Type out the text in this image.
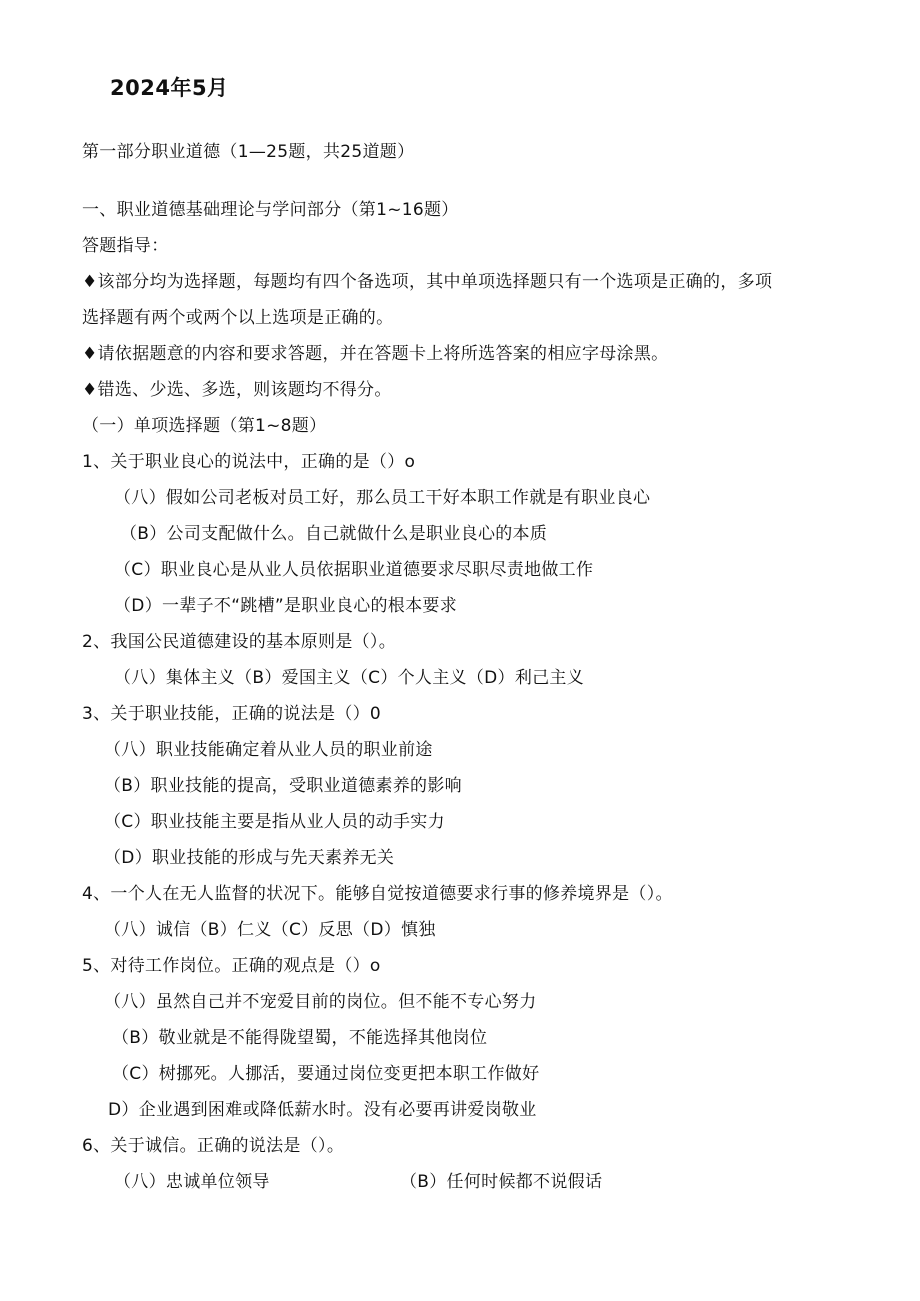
2024年5月
第一部分职业道德（1—25题，共25道题）
一、职业道德基础理论与学问部分（第1~16题）
答题指导：
♦该部分均为选择题，每题均有四个备选项，其中单项选择题只有一个选项是正确的，多项
选择题有两个或两个以上选项是正确的。
♦请依据题意的内容和要求答题，并在答题卡上将所选答案的相应字母涂黑。
♦错选、少选、多选，则该题均不得分。
（一）单项选择题（第1~8题）
1、关于职业良心的说法中，正确的是（）o
（八）假如公司老板对员工好，那么员工干好本职工作就是有职业良心
（B）公司支配做什么。自己就做什么是职业良心的本质
（C）职业良心是从业人员依据职业道德要求尽职尽责地做工作
（D）一辈子不“跳槽”是职业良心的根本要求
2、我国公民道德建设的基本原则是（）。
（八）集体主义（B）爱国主义（C）个人主义（D）利己主义
3、关于职业技能，正确的说法是（）0
（八）职业技能确定着从业人员的职业前途
（B）职业技能的提高，受职业道德素养的影响
（C）职业技能主要是指从业人员的动手实力
（D）职业技能的形成与先天素养无关
4、一个人在无人监督的状况下。能够自觉按道德要求行事的修养境界是（）。
（八）诚信（B）仁义（C）反思（D）慎独
5、对待工作岗位。正确的观点是（）o
（八）虽然自己并不宠爱目前的岗位。但不能不专心努力
（B）敬业就是不能得陇望蜀，不能选择其他岗位
（C）树挪死。人挪活，要通过岗位变更把本职工作做好
D）企业遇到困难或降低薪水时。没有必要再讲爱岗敬业
6、关于诚信。正确的说法是（）。
（八）忠诚单位领导	（B）任何时候都不说假话
